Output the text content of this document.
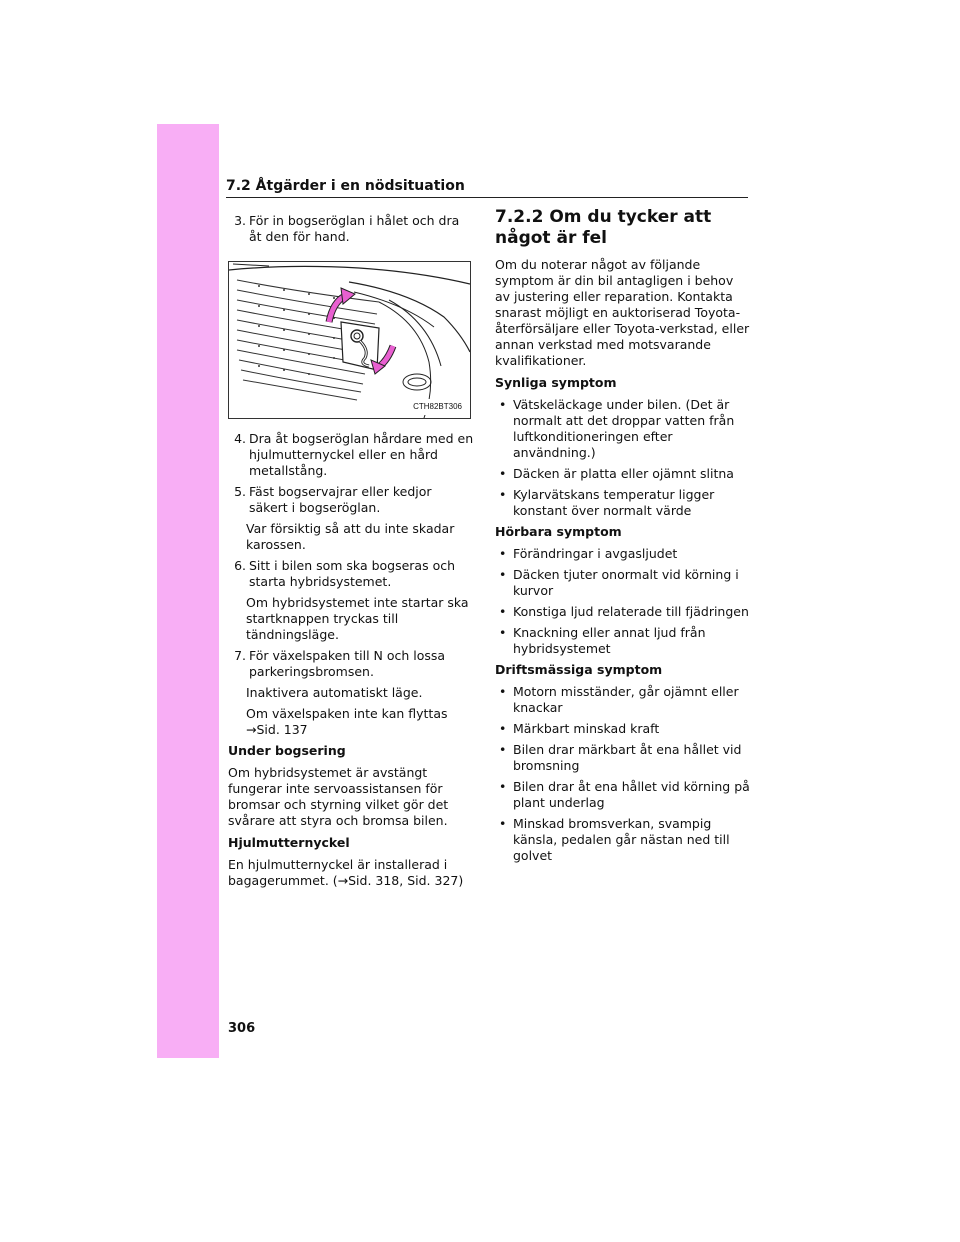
7.2 Åtgärder i en nödsituation
3. För in bogseröglan i hålet och dra åt den för hand.
CTH82BT306
4. Dra åt bogseröglan hårdare med en hjulmutternyckel eller en hård metallstång.
5. Fäst bogservajrar eller kedjor säkert i bogseröglan.
Var försiktig så att du inte skadar karossen.
6. Sitt i bilen som ska bogseras och starta hybridsystemet.
Om hybridsystemet inte startar ska startknappen tryckas till tändningsläge.
7. För växelspaken till N och lossa parkeringsbromsen.
Inaktivera automatiskt läge.
Om växelspaken inte kan flyttas
→Sid. 137
Under bogsering
Om hybridsystemet är avstängt fungerar inte servoassistansen för bromsar och styrning vilket gör det svårare att styra och bromsa bilen.
Hjulmutternyckel
En hjulmutternyckel är installerad i bagagerummet. (→Sid. 318, Sid. 327)
7.2.2 Om du tycker att något är fel
Om du noterar något av följande symptom är din bil antagligen i behov av justering eller reparation. Kontakta snarast möjligt en auktoriserad Toyota-återförsäljare eller Toyota-verkstad, eller annan verkstad med motsvarande kvalifikationer.
Synliga symptom
• Vätskeläckage under bilen. (Det är normalt att det droppar vatten från luftkonditioneringen efter användning.)
• Däcken är platta eller ojämnt slitna
• Kylarvätskans temperatur ligger konstant över normalt värde
Hörbara symptom
• Förändringar i avgasljudet
• Däcken tjuter onormalt vid körning i kurvor
• Konstiga ljud relaterade till fjädringen
• Knackning eller annat ljud från hybridsystemet
Driftsmässiga symptom
• Motorn misständer, går ojämnt eller knackar
• Märkbart minskad kraft
• Bilen drar märkbart åt ena hållet vid bromsning
• Bilen drar åt ena hållet vid körning på plant underlag
• Minskad bromsverkan, svampig känsla, pedalen går nästan ned till golvet
306
